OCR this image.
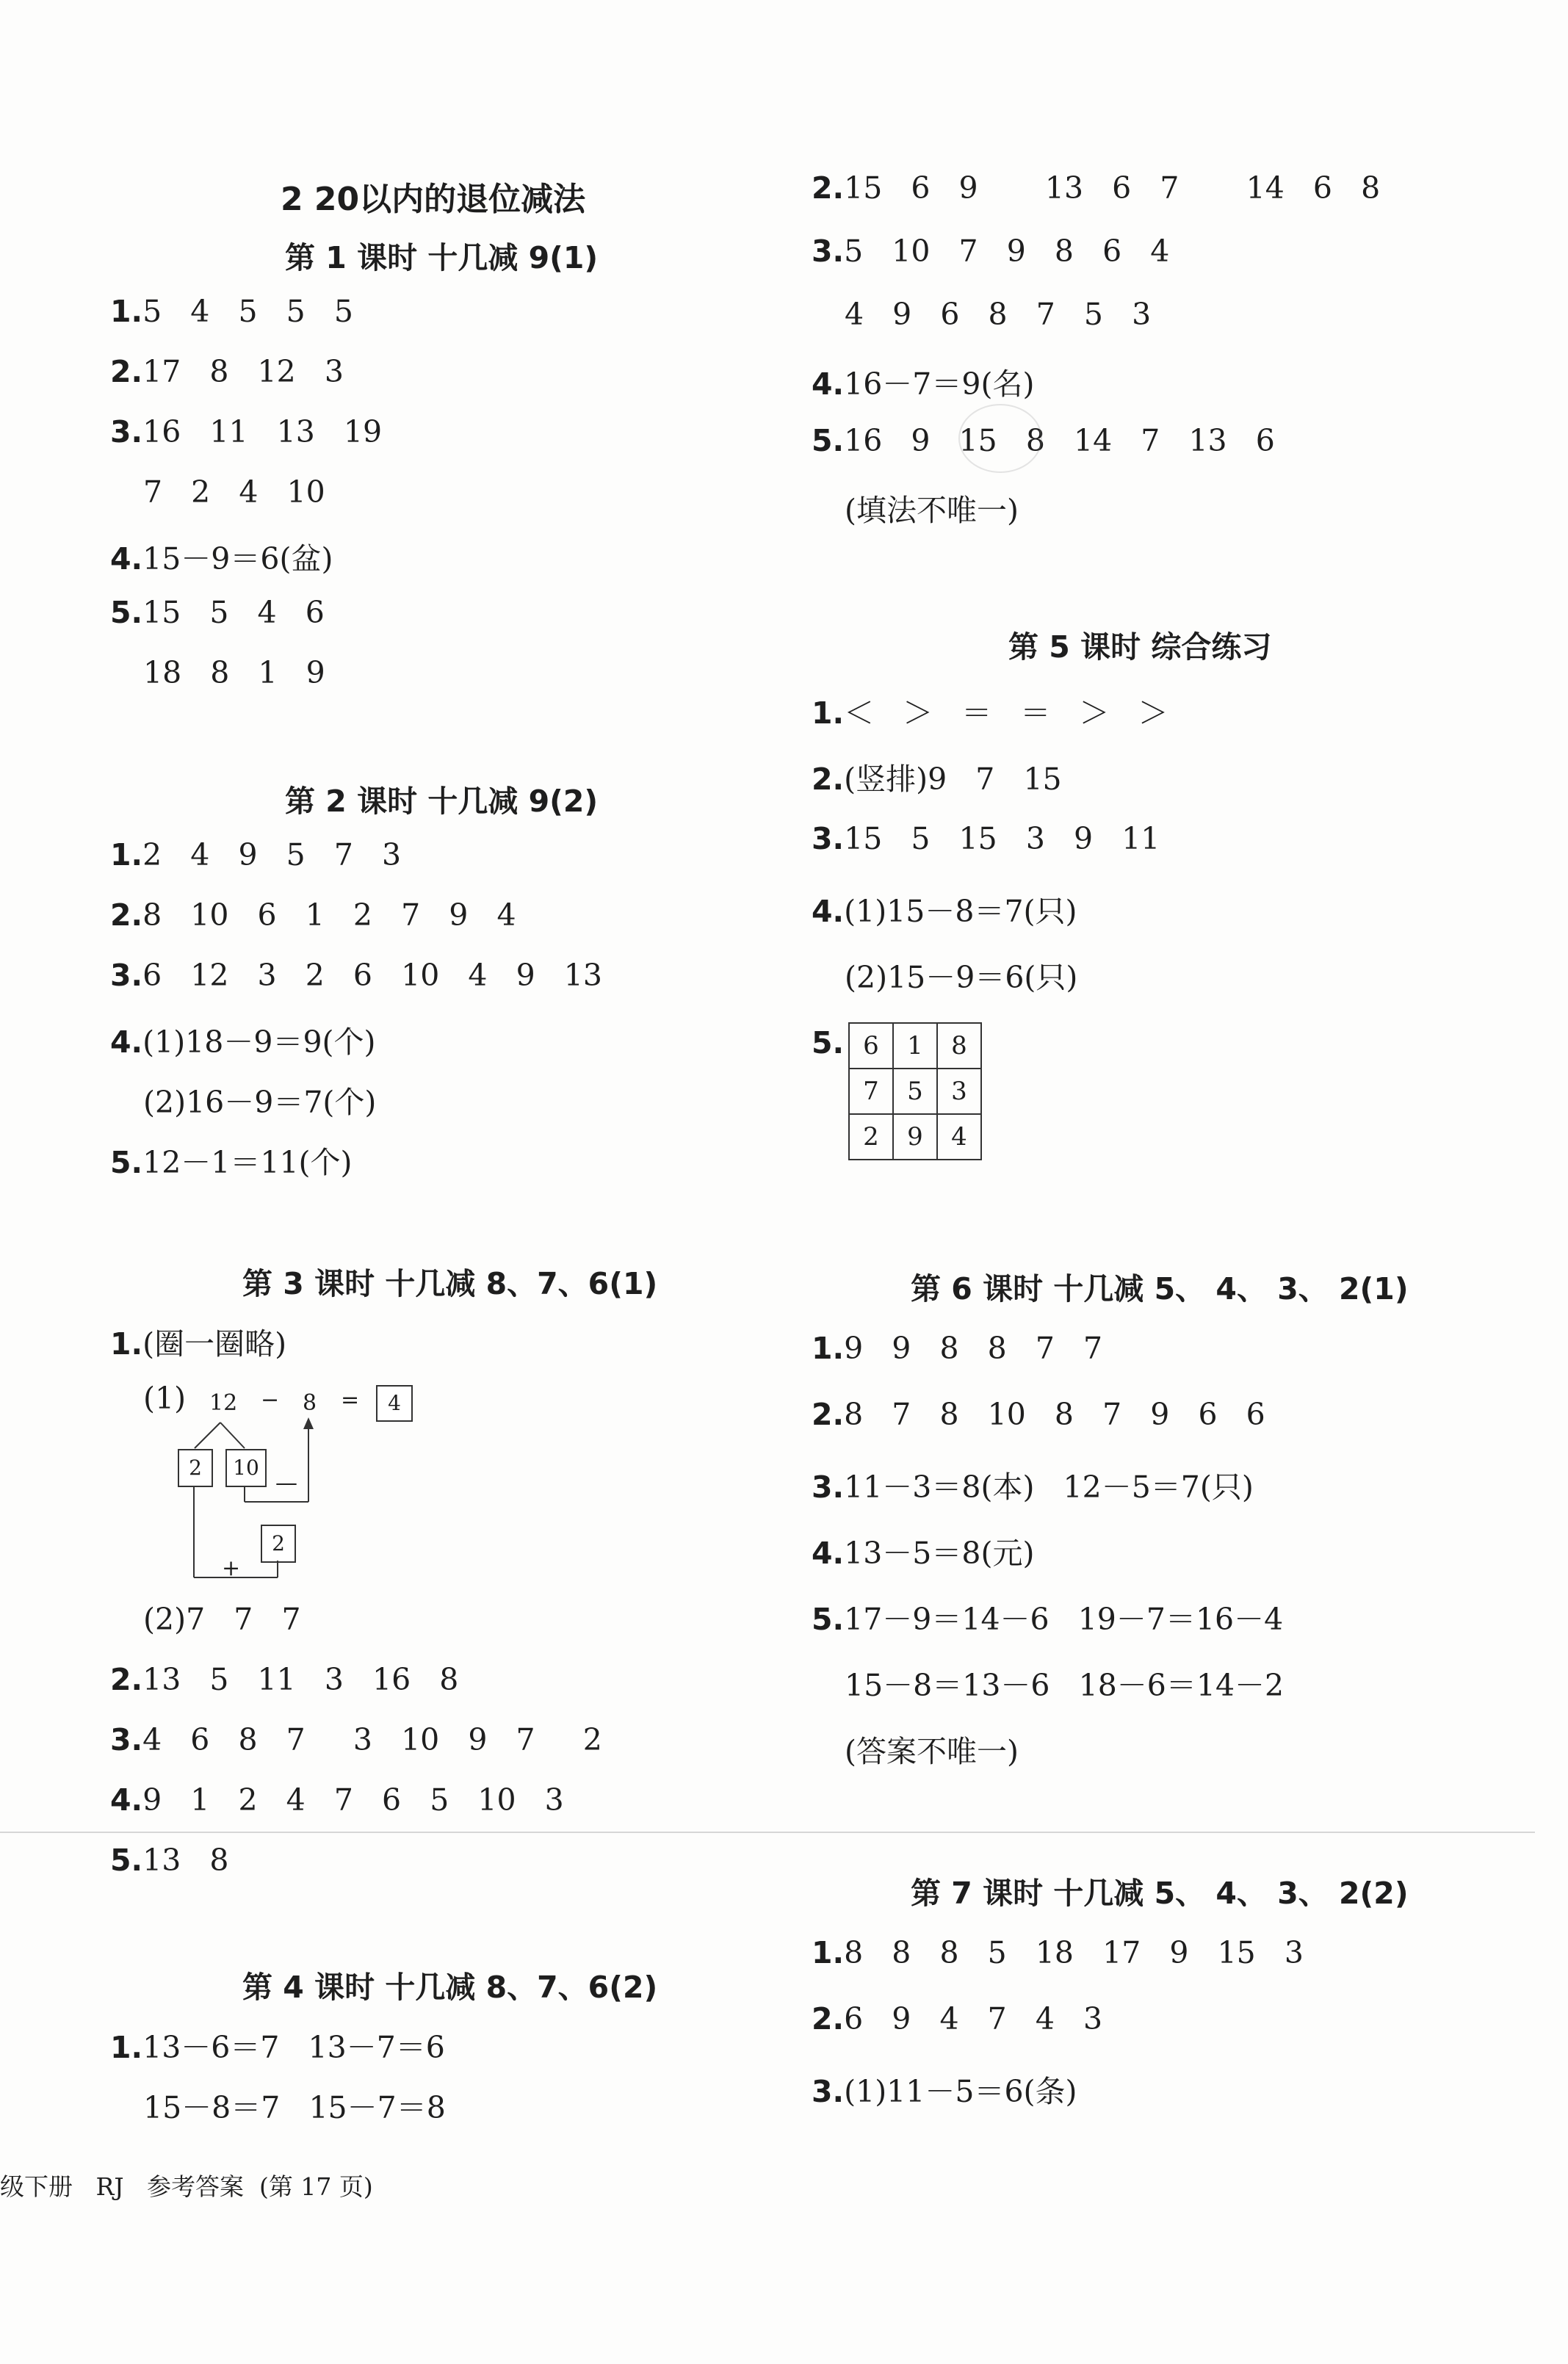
2 20以内的退位减法
第 1 课时 十几减 9(1)
1.5   4   5   5   5
2.17   8   12   3
3.16   11   13   19
7   2   4   10
4.15－9＝6(盆)
5.15   5   4   6
18   8   1   9
第 2 课时 十几减 9(2)
1.2   4   9   5   7   3
2.8   10   6   1   2   7   9   4
3.6   12   3   2   6   10   4   9   13
4.(1)18－9＝9(个)
(2)16－9＝7(个)
5.12－1＝11(个)
第 3 课时 十几减 8、7、6(1)
1.(圈一圈略)
(1) 12 − 8 =	4
2	10
—
2
+
(2)7   7   7
2.13   5   11   3   16   8
3.4   6   8   7     3   10   9   7     2
4.9   1   2   4   7   6   5   10   3
5.13   8
第 4 课时 十几减 8、7、6(2)
1.13－6＝7   13－7＝6
15－8＝7   15－7＝8
2.15   6   9       13   6   7       14   6   8
3.5   10   7   9   8   6   4
4   9   6   8   7   5   3
4.16－7＝9(名)
5.16   9   15   8   14   7   13   6
(填法不唯一)
第 5 课时 综合练习
1.＜   ＞   ＝   ＝   ＞   ＞
2.(竖排)9   7   15
3.15   5   15   3   9   11
4.(1)15－8＝7(只)
(2)15－9＝6(只)
5.
第 6 课时 十几减 5、 4、 3、 2(1)
1.9   9   8   8   7   7
2.8   7   8   10   8   7   9   6   6
3.11－3＝8(本)   12－5＝7(只)
4.13－5＝8(元)
5.17－9＝14－6   19－7＝16－4
15－8＝13－6   18－6＝14－2
(答案不唯一)
第 7 课时 十几减 5、 4、 3、 2(2)
1.8   8   8   5   18   17   9   15   3
2.6   9   4   7   4   3
3.(1)11－5＝6(条)
6	1	8
7	5	3
2	9	4
级下册   RJ   参考答案  (第 17 页)
